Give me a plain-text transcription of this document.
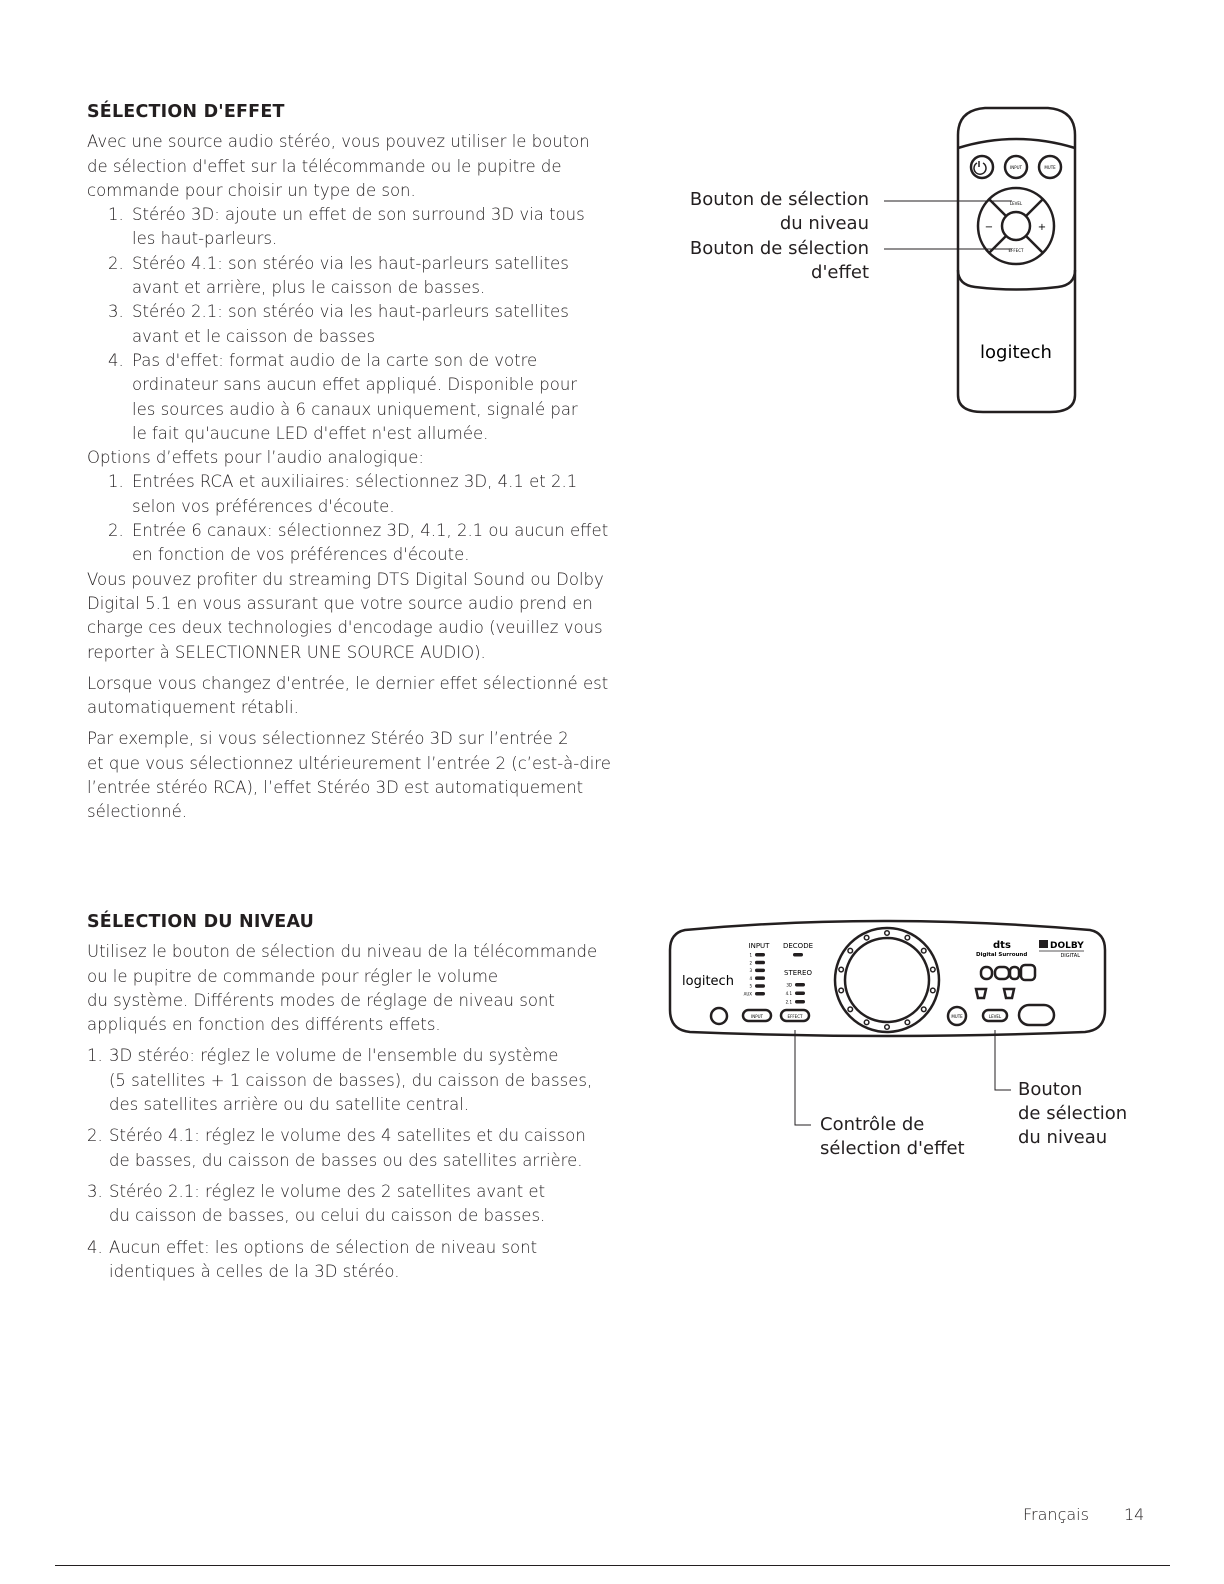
SÉLECTION D'EFFET

Avec une source audio stéréo, vous pouvez utiliser le bouton
de sélection d'effet sur la télécommande ou le pupitre de
commande pour choisir un type de son.

1. Stéréo 3D: ajoute un effet de son surround 3D via tous
les haut-parleurs.
2. Stéréo 4.1: son stéréo via les haut-parleurs satellites
avant et arrière, plus le caisson de basses.
3. Stéréo 2.1: son stéréo via les haut-parleurs satellites
avant et le caisson de basses
4. Pas d'effet: format audio de la carte son de votre
ordinateur sans aucun effet appliqué. Disponible pour
les sources audio à 6 canaux uniquement, signalé par
le fait qu'aucune LED d'effet n'est allumée.

Options d’effets pour l’audio analogique:

1. Entrées RCA et auxiliaires: sélectionnez 3D, 4.1 et 2.1
selon vos préférences d'écoute.
2. Entrée 6 canaux: sélectionnez 3D, 4.1, 2.1 ou aucun effet
en fonction de vos préférences d'écoute.

Vous pouvez profiter du streaming DTS Digital Sound ou Dolby
Digital 5.1 en vous assurant que votre source audio prend en
charge ces deux technologies d'encodage audio (veuillez vous
reporter à SELECTIONNER UNE SOURCE AUDIO).

Lorsque vous changez d'entrée, le dernier effet sélectionné est
automatiquement rétabli.

Par exemple, si vous sélectionnez Stéréo 3D sur l’entrée 2
et que vous sélectionnez ultérieurement l’entrée 2 (c’est-à-dire
l’entrée stéréo RCA), l’effet Stéréo 3D est automatiquement
sélectionné.

SÉLECTION DU NIVEAU

Utilisez le bouton de sélection du niveau de la télécommande
ou le pupitre de commande pour régler le volume
du système. Différents modes de réglage de niveau sont
appliqués en fonction des différents effets.

1. 3D stéréo: réglez le volume de l'ensemble du système
(5 satellites + 1 caisson de basses), du caisson de basses,
des satellites arrière ou du satellite central.
2. Stéréo 4.1: réglez le volume des 4 satellites et du caisson
de basses, du caisson de basses ou des satellites arrière.
3. Stéréo 2.1: réglez le volume des 2 satellites avant et
du caisson de basses, ou celui du caisson de basses.
4. Aucun effet: les options de sélection de niveau sont
identiques à celles de la 3D stéréo.
Bouton de sélection
du niveau
Bouton de sélection
d'effet
INPUT	MUTE
LEVEL
EFFECT
−	+
logitech
logitech
INPUT DECODE
STEREO
1
2
3
4
5
AUX
3D
4.1
2.1
INPUT	EFFECT	MUTE	LEVEL
dts
Digital Surround
DOLBY
DIGITAL
Contrôle de
sélection d'effet
Bouton
de sélection
du niveau
Français 14
